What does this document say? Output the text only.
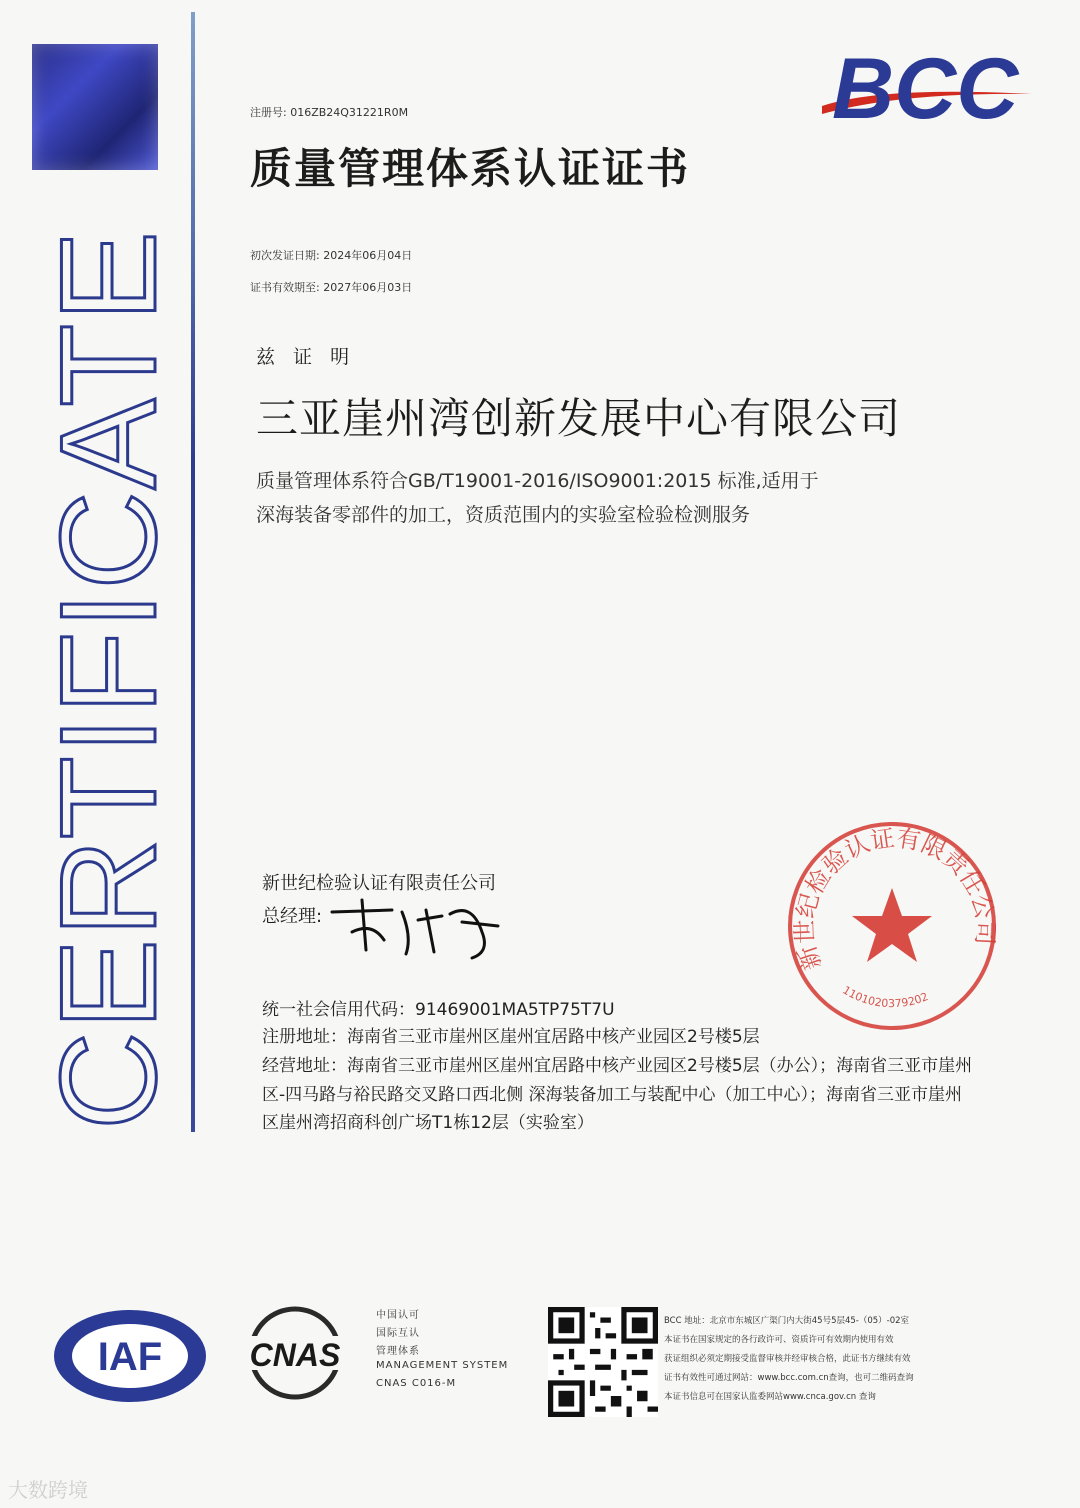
CERTIFICATE
BCC
注册号: 016ZB24Q31221R0M
质量管理体系认证证书
初次发证日期: 2024年06月04日
证书有效期至: 2027年06月03日
兹 证 明
三亚崖州湾创新发展中心有限公司
质量管理体系符合GB/T19001-2016/ISO9001:2015 标准,适用于
深海装备零部件的加工，资质范围内的实验室检验检测服务
新世纪检验认证有限责任公司
总经理:
新世纪检验认证有限责任公司
1101020379202
统一社会信用代码：91469001MA5TP75T7U
注册地址：海南省三亚市崖州区崖州宜居路中核产业园区2号楼5层
经营地址：海南省三亚市崖州区崖州宜居路中核产业园区2号楼5层（办公）；海南省三亚市崖州
区-四马路与裕民路交叉路口西北侧 深海装备加工与装配中心（加工中心）；海南省三亚市崖州
区崖州湾招商科创广场T1栋12层（实验室）
IAF	CNAS
中国认可
国际互认
管理体系
MANAGEMENT SYSTEM
CNAS C016-M
BCC 地址：北京市东城区广渠门内大街45号5层45-（05）-02室
本证书在国家规定的各行政许可、资质许可有效期内使用有效
获证组织必须定期接受监督审核并经审核合格，此证书方继续有效
证书有效性可通过网站：www.bcc.com.cn查询，也可二维码查询
本证书信息可在国家认监委网站www.cnca.gov.cn 查询
大数跨境
